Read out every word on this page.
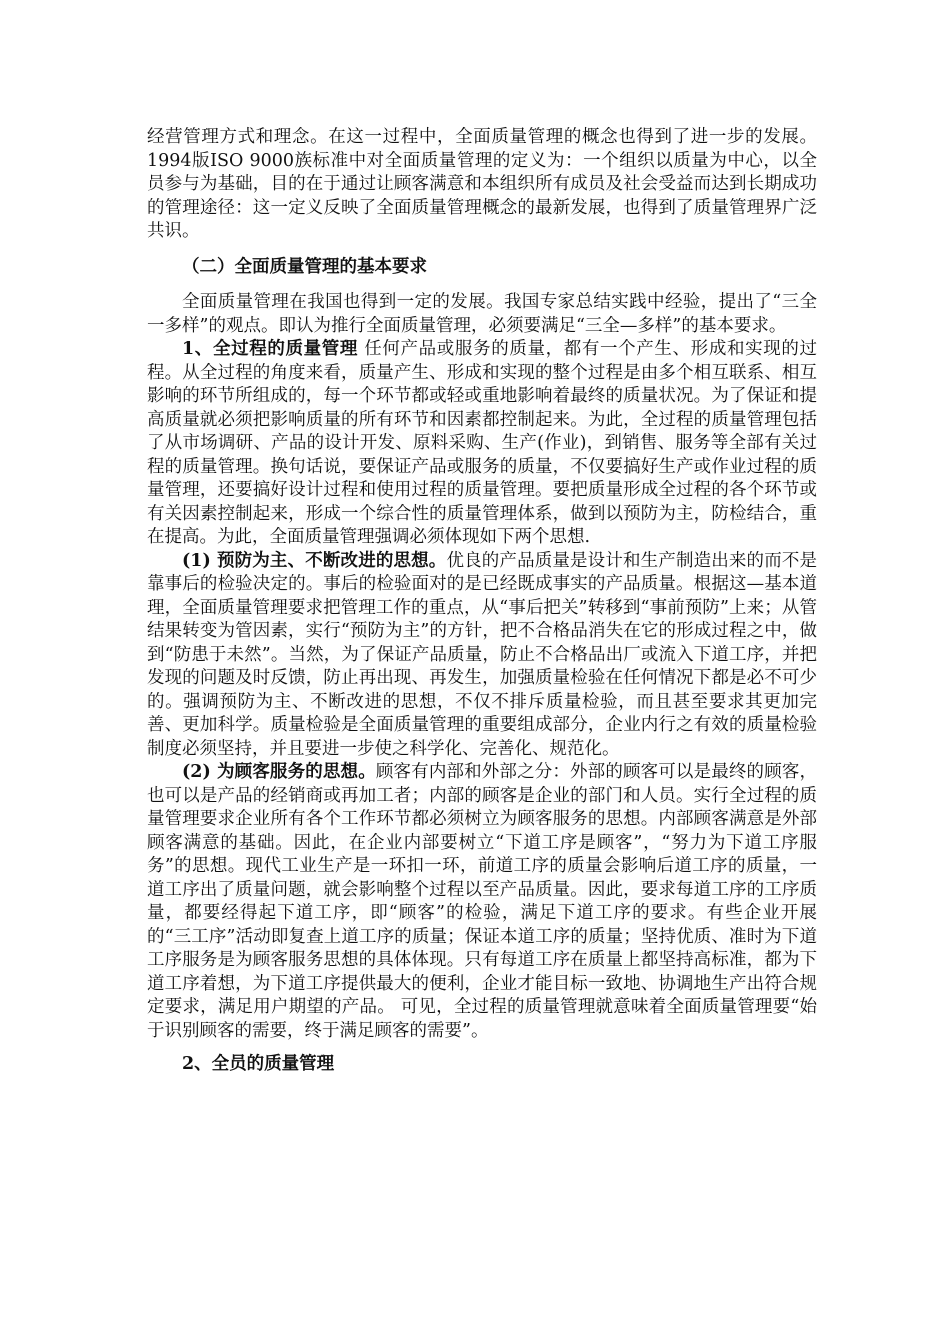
经营管理方式和理念。在这一过程中，全面质量管理的概念也得到了进一步的发展。1994版ISO 9000族标准中对全面质量管理的定义为：一个组织以质量为中心，以全员参与为基础，目的在于通过让顾客满意和本组织所有成员及社会受益而达到长期成功的管理途径：这一定义反映了全面质量管理概念的最新发展，也得到了质量管理界广泛共识。

（二）全面质量管理的基本要求

全面质量管理在我国也得到一定的发展。我国专家总结实践中经验，提出了“三全一多样”的观点。即认为推行全面质量管理，必须要满足“三全—多样”的基本要求。

1、全过程的质量管理 任何产品或服务的质量，都有一个产生、形成和实现的过程。从全过程的角度来看，质量产生、形成和实现的整个过程是由多个相互联系、相互影响的环节所组成的，每一个环节都或轻或重地影响着最终的质量状况。为了保证和提高质量就必须把影响质量的所有环节和因素都控制起来。为此，全过程的质量管理包括了从市场调研、产品的设计开发、原料采购、生产(作业)，到销售、服务等全部有关过程的质量管理。换句话说，要保证产品或服务的质量，不仅要搞好生产或作业过程的质量管理，还要搞好设计过程和使用过程的质量管理。要把质量形成全过程的各个环节或有关因素控制起来，形成一个综合性的质量管理体系，做到以预防为主，防检结合，重在提高。为此，全面质量管理强调必须体现如下两个思想.

(1) 预防为主、不断改进的思想。优良的产品质量是设计和生产制造出来的而不是靠事后的检验决定的。事后的检验面对的是已经既成事实的产品质量。根据这—基本道理，全面质量管理要求把管理工作的重点，从“事后把关”转移到“事前预防”上来；从管结果转变为管因素，实行“预防为主”的方针，把不合格品消失在它的形成过程之中，做到“防患于未然”。当然，为了保证产品质量，防止不合格品出厂或流入下道工序，并把发现的问题及时反馈，防止再出现、再发生，加强质量检验在任何情况下都是必不可少的。强调预防为主、不断改进的思想，不仅不排斥质量检验，而且甚至要求其更加完善、更加科学。质量检验是全面质量管理的重要组成部分，企业内行之有效的质量检验制度必须坚持，并且要进一步使之科学化、完善化、规范化。

(2) 为顾客服务的思想。顾客有内部和外部之分：外部的顾客可以是最终的顾客，也可以是产品的经销商或再加工者；内部的顾客是企业的部门和人员。实行全过程的质量管理要求企业所有各个工作环节都必须树立为顾客服务的思想。内部顾客满意是外部顾客满意的基础。因此，在企业内部要树立“下道工序是顾客”，“努力为下道工序服务”的思想。现代工业生产是一环扣一环，前道工序的质量会影响后道工序的质量，一道工序出了质量问题，就会影响整个过程以至产品质量。因此，要求每道工序的工序质量，都要经得起下道工序，即“顾客”的检验，满足下道工序的要求。有些企业开展的“三工序”活动即复查上道工序的质量；保证本道工序的质量；坚持优质、准时为下道工序服务是为顾客服务思想的具体体现。只有每道工序在质量上都坚持高标准，都为下道工序着想，为下道工序提供最大的便利，企业才能目标一致地、协调地生产出符合规定要求，满足用户期望的产品。 可见，全过程的质量管理就意味着全面质量管理要“始于识别顾客的需要，终于满足顾客的需要”。

2、全员的质量管理
